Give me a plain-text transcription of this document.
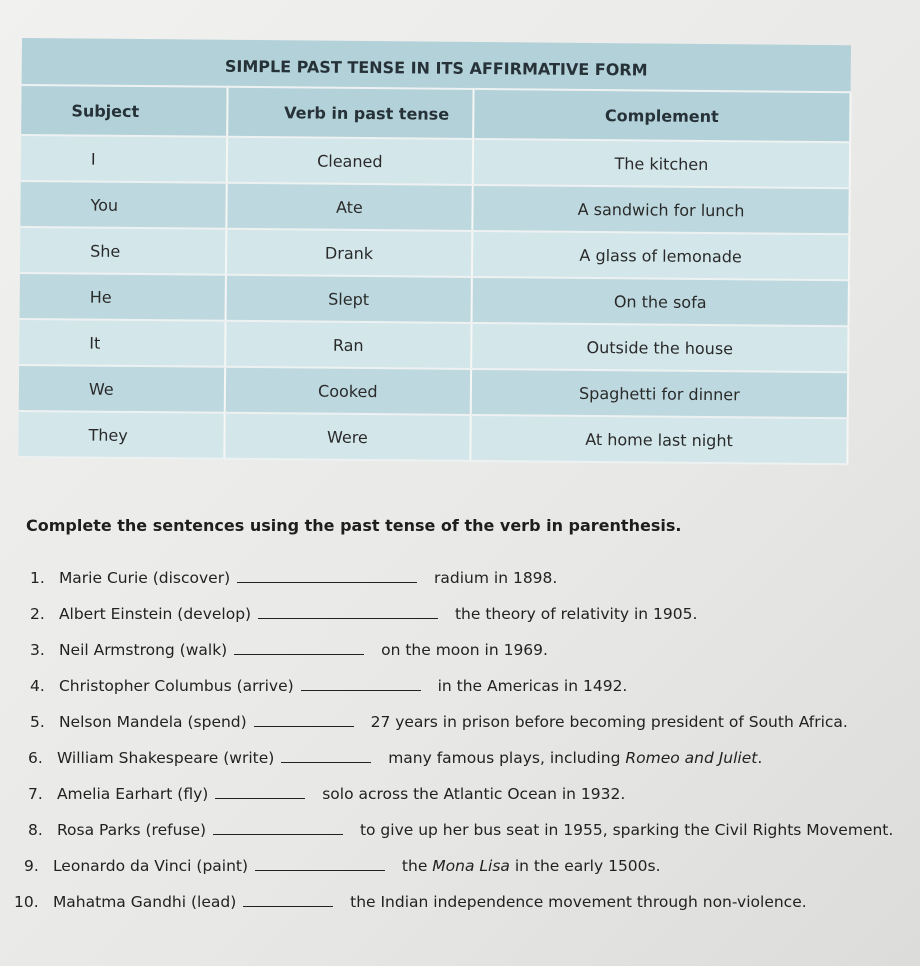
SIMPLE PAST TENSE IN ITS AFFIRMATIVE FORM		
Subject	Verb in past tense	Complement
I	Cleaned	The kitchen
You	Ate	A sandwich for lunch
She	Drank	A glass of lemonade
He	Slept	On the sofa
It	Ran	Outside the house
We	Cooked	Spaghetti for dinner
They	Were	At home last night
Complete the sentences using the past tense of the verb in parenthesis.
1. Marie Curie (discover)	radium in 1898.
2. Albert Einstein (develop)	the theory of relativity in 1905.
3. Neil Armstrong (walk)	on the moon in 1969.
4. Christopher Columbus (arrive)	in the Americas in 1492.
5. Nelson Mandela (spend)	27 years in prison before becoming president of South Africa.
6. William Shakespeare (write)	many famous plays, including Romeo and Juliet.
7. Amelia Earhart (fly)	solo across the Atlantic Ocean in 1932.
8. Rosa Parks (refuse)	to give up her bus seat in 1955, sparking the Civil Rights Movement.
9. Leonardo da Vinci (paint)	the Mona Lisa in the early 1500s.
10. Mahatma Gandhi (lead)	the Indian independence movement through non-violence.
